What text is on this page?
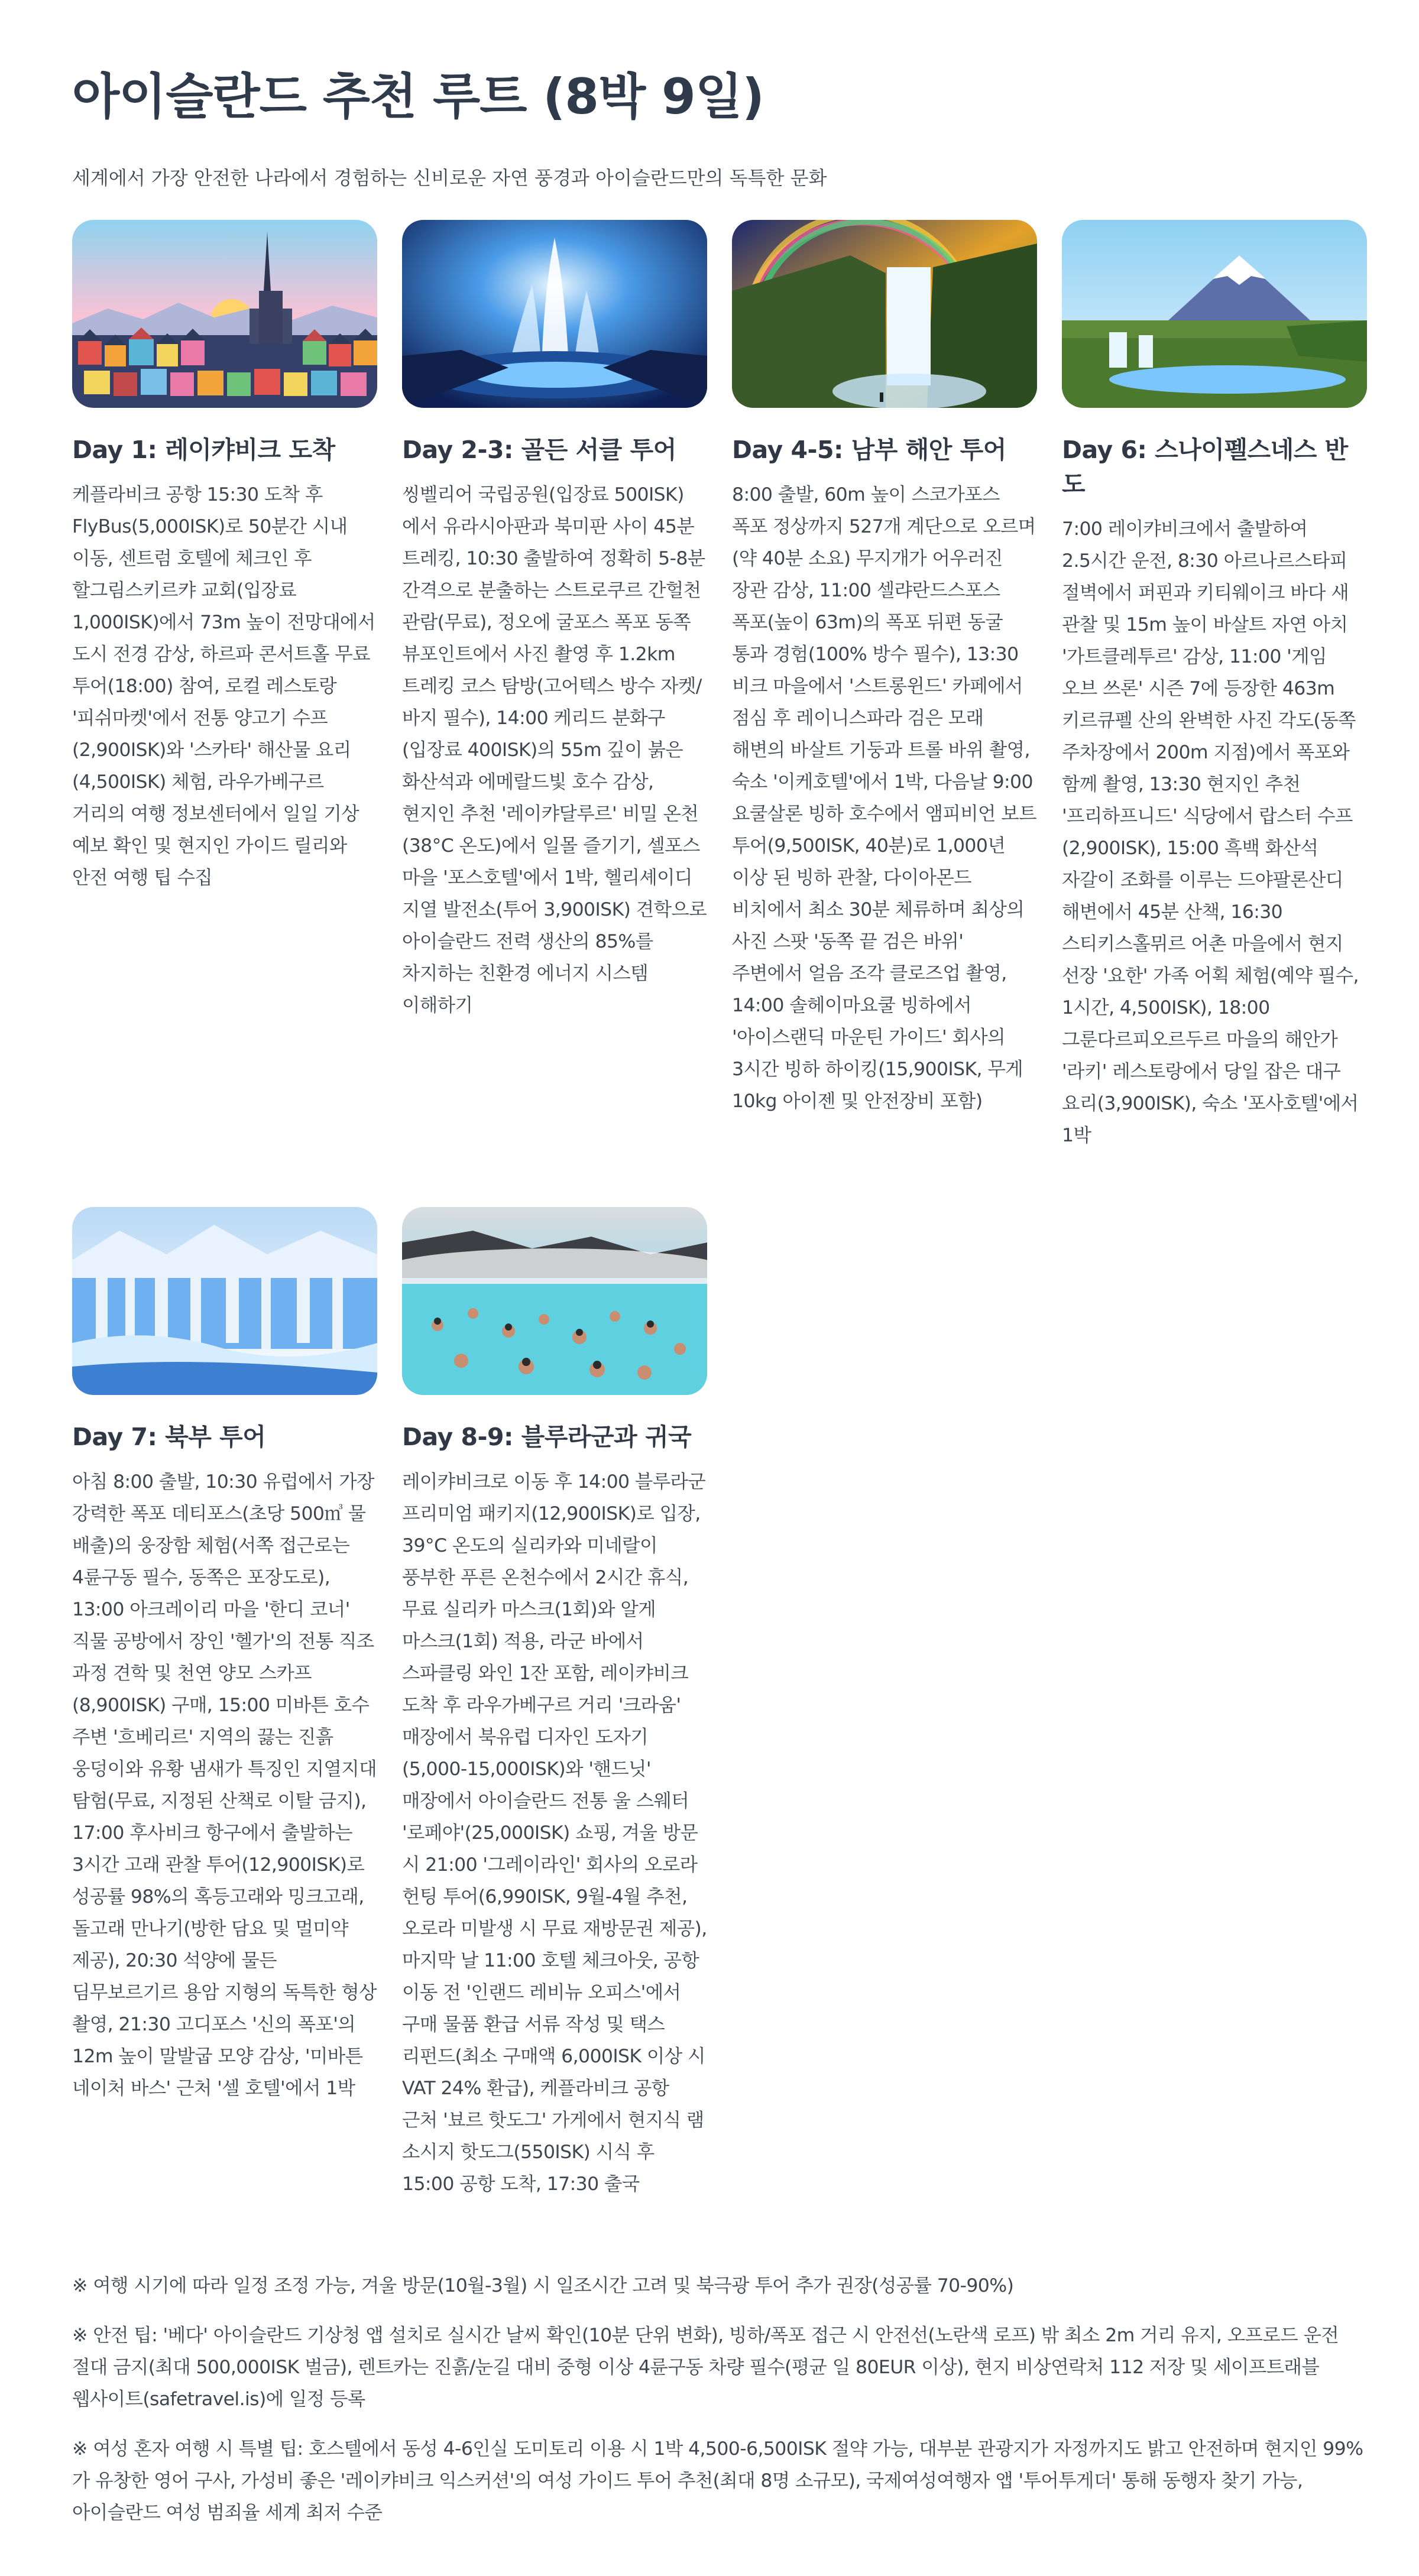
아이슬란드 추천 루트 (8박 9일)
세계에서 가장 안전한 나라에서 경험하는 신비로운 자연 풍경과 아이슬란드만의 독특한 문화
Day 1: 레이캬비크 도착

케플라비크 공항 15:30 도착 후 FlyBus(5,000ISK)로 50분간 시내 이동, 센트럼 호텔에 체크인 후 할그림스키르캬 교회(입장료 1,000ISK)에서 73m 높이 전망대에서 도시 전경 감상, 하르파 콘서트홀 무료 투어(18:00) 참여, 로컬 레스토랑 '피쉬마켓'에서 전통 양고기 수프(2,900ISK)와 '스카타' 해산물 요리(4,500ISK) 체험, 라우가베구르 거리의 여행 정보센터에서 일일 기상 예보 확인 및 현지인 가이드 릴리와 안전 여행 팁 수집

Day 2-3: 골든 서클 투어

씽벨리어 국립공원(입장료 500ISK)에서 유라시아판과 북미판 사이 45분 트레킹, 10:30 출발하여 정확히 5-8분 간격으로 분출하는 스트로쿠르 간헐천 관람(무료), 정오에 굴포스 폭포 동쪽 뷰포인트에서 사진 촬영 후 1.2km 트레킹 코스 탐방(고어텍스 방수 자켓/바지 필수), 14:00 케리드 분화구(입장료 400ISK)의 55m 깊이 붉은 화산석과 에메랄드빛 호수 감상, 현지인 추천 '레이캬달루르' 비밀 온천(38°C 온도)에서 일몰 즐기기, 셀포스 마을 '포스호텔'에서 1박, 헬리셰이디 지열 발전소(투어 3,900ISK) 견학으로 아이슬란드 전력 생산의 85%를 차지하는 친환경 에너지 시스템 이해하기

Day 4-5: 남부 해안 투어

8:00 출발, 60m 높이 스코가포스 폭포 정상까지 527개 계단으로 오르며(약 40분 소요) 무지개가 어우러진 장관 감상, 11:00 셀랴란드스포스 폭포(높이 63m)의 폭포 뒤편 동굴 통과 경험(100% 방수 필수), 13:30 비크 마을에서 '스트롱윈드' 카페에서 점심 후 레이니스파라 검은 모래 해변의 바살트 기둥과 트롤 바위 촬영, 숙소 '이케호텔'에서 1박, 다음날 9:00 요쿨살론 빙하 호수에서 앰피비언 보트 투어(9,500ISK, 40분)로 1,000년 이상 된 빙하 관찰, 다이아몬드 비치에서 최소 30분 체류하며 최상의 사진 스팟 '동쪽 끝 검은 바위' 주변에서 얼음 조각 클로즈업 촬영, 14:00 솔헤이마요쿨 빙하에서 '아이스랜딕 마운틴 가이드' 회사의 3시간 빙하 하이킹(15,900ISK, 무게 10kg 아이젠 및 안전장비 포함)

Day 6: 스나이펠스네스 반도

7:00 레이캬비크에서 출발하여 2.5시간 운전, 8:30 아르나르스타피 절벽에서 퍼핀과 키티웨이크 바다 새 관찰 및 15m 높이 바살트 자연 아치 '가트클레투르' 감상, 11:00 '게임 오브 쓰론' 시즌 7에 등장한 463m 키르큐펠 산의 완벽한 사진 각도(동쪽 주차장에서 200m 지점)에서 폭포와 함께 촬영, 13:30 현지인 추천 '프리하프니드' 식당에서 랍스터 수프(2,900ISK), 15:00 흑백 화산석 자갈이 조화를 이루는 드야팔론산디 해변에서 45분 산책, 16:30 스티키스홀뮈르 어촌 마을에서 현지 선장 '요한' 가족 어획 체험(예약 필수, 1시간, 4,500ISK), 18:00 그룬다르피오르두르 마을의 해안가 '라키' 레스토랑에서 당일 잡은 대구 요리(3,900ISK), 숙소 '포사호텔'에서 1박

Day 7: 북부 투어

아침 8:00 출발, 10:30 유럽에서 가장 강력한 폭포 데티포스(초당 500㎥ 물 배출)의 웅장함 체험(서쪽 접근로는 4륜구동 필수, 동쪽은 포장도로), 13:00 아크레이리 마을 '한디 코너' 직물 공방에서 장인 '헬가'의 전통 직조 과정 견학 및 천연 양모 스카프(8,900ISK) 구매, 15:00 미바튼 호수 주변 '흐베리르' 지역의 끓는 진흙 웅덩이와 유황 냄새가 특징인 지열지대 탐험(무료, 지정된 산책로 이탈 금지), 17:00 후사비크 항구에서 출발하는 3시간 고래 관찰 투어(12,900ISK)로 성공률 98%의 혹등고래와 밍크고래, 돌고래 만나기(방한 담요 및 멀미약 제공), 20:30 석양에 물든 딤무보르기르 용암 지형의 독특한 형상 촬영, 21:30 고디포스 '신의 폭포'의 12m 높이 말발굽 모양 감상, '미바튼 네이처 바스' 근처 '셀 호텔'에서 1박

Day 8-9: 블루라군과 귀국

레이캬비크로 이동 후 14:00 블루라군 프리미엄 패키지(12,900ISK)로 입장, 39°C 온도의 실리카와 미네랄이 풍부한 푸른 온천수에서 2시간 휴식, 무료 실리카 마스크(1회)와 알게 마스크(1회) 적용, 라군 바에서 스파클링 와인 1잔 포함, 레이캬비크 도착 후 라우가베구르 거리 '크라움' 매장에서 북유럽 디자인 도자기(5,000-15,000ISK)와 '핸드닛' 매장에서 아이슬란드 전통 울 스웨터 '로페야'(25,000ISK) 쇼핑, 겨울 방문 시 21:00 '그레이라인' 회사의 오로라 헌팅 투어(6,990ISK, 9월-4월 추천, 오로라 미발생 시 무료 재방문권 제공), 마지막 날 11:00 호텔 체크아웃, 공항 이동 전 '인랜드 레비뉴 오피스'에서 구매 물품 환급 서류 작성 및 택스 리펀드(최소 구매액 6,000ISK 이상 시 VAT 24% 환급), 케플라비크 공항 근처 '뵤르 핫도그' 가게에서 현지식 램 소시지 핫도그(550ISK) 시식 후 15:00 공항 도착, 17:30 출국

※ 여행 시기에 따라 일정 조정 가능, 겨울 방문(10월-3월) 시 일조시간 고려 및 북극광 투어 추가 권장(성공률 70-90%)

※ 안전 팁: '베다' 아이슬란드 기상청 앱 설치로 실시간 날씨 확인(10분 단위 변화), 빙하/폭포 접근 시 안전선(노란색 로프) 밖 최소 2m 거리 유지, 오프로드 운전 절대 금지(최대 500,000ISK 벌금), 렌트카는 진흙/눈길 대비 중형 이상 4륜구동 차량 필수(평균 일 80EUR 이상), 현지 비상연락처 112 저장 및 세이프트래블 웹사이트(safetravel.is)에 일정 등록

※ 여성 혼자 여행 시 특별 팁: 호스텔에서 동성 4-6인실 도미토리 이용 시 1박 4,500-6,500ISK 절약 가능, 대부분 관광지가 자정까지도 밝고 안전하며 현지인 99%가 유창한 영어 구사, 가성비 좋은 '레이캬비크 익스커션'의 여성 가이드 투어 추천(최대 8명 소규모), 국제여성여행자 앱 '투어투게더' 통해 동행자 찾기 가능, 아이슬란드 여성 범죄율 세계 최저 수준
